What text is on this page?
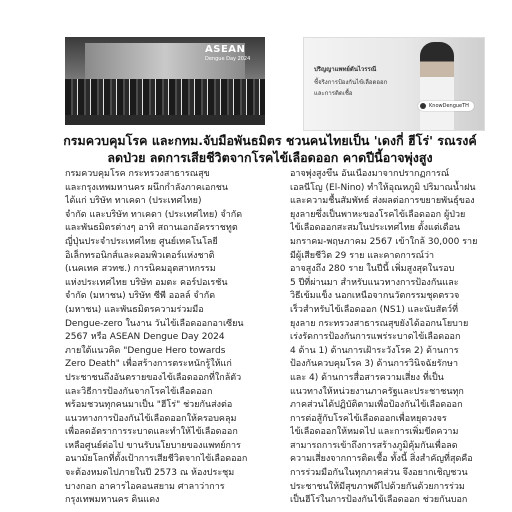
ASEAN
Dengue Day 2024
ปริญญาแพทย์ตันไวรรณี
ชี้จริงการป้องกันไข้เลือดออก
และการติดเชื้อ
KnowDengueTH
กรมควบคุมโรค และกทม.จับมือพันธมิตร ชวนคนไทยเป็น 'เดงกี่ ฮีโร่' รณรงค์ลดป่วย ลดการเสียชีวิตจากโรคไข้เลือดออก คาดปีนี้อาจพุ่งสูง

กรมควบคุมโรค กระทรวงสาธารณสุข
และกรุงเทพมหานคร ผนึกกำลังภาคเอกชน
ได้แก่ บริษัท ทาเคดา (ประเทศไทย)
จำกัด และบริษัท ทาเคดา (ประเทศไทย) จำกัด
และพันธมิตรต่างๆ อาทิ สถานเอกอัครราชทูต
ญี่ปุ่นประจำประเทศไทย ศูนย์เทคโนโลยี
อิเล็กทรอนิกส์และคอมพิวเตอร์แห่งชาติ
(เนคเทค สวทช.) การนิคมอุตสาหกรรม
แห่งประเทศไทย บริษัท อมตะ คอร์ปอเรชัน
จำกัด (มหาชน) บริษัท ซีพี ออลล์ จำกัด
(มหาชน) และพันธมิตรความร่วมมือ
Dengue-zero ในงาน วันไข้เลือดออกอาเซียน
2567 หรือ ASEAN Dengue Day 2024
ภายใต้แนวคิด "Dengue Hero towards
Zero Death" เพื่อสร้างการตระหนักรู้ให้แก่
ประชาชนถึงอันตรายของไข้เลือดออกที่ใกล้ตัว
และวิธีการป้องกันจากโรคไข้เลือดออก
พร้อมชวนทุกคนมาเป็น "ฮีโร่" ช่วยกันส่งต่อ
แนวทางการป้องกันไข้เลือดออกให้ครอบคลุม
เพื่อลดอัตราการระบาดและทำให้ไข้เลือดออก
เหลือศูนย์ต่อไป ขานรับนโยบายของแพทย์การ
อนามัยโลกที่ตั้งเป้าการเสียชีวิตจากไข้เลือดออก
จะต้องหมดไปภายในปี 2573 ณ ห้องประชุม
บางกอก อาคารไอคอนสยาม ศาลาว่าการ
กรุงเทพมหานคร ดินแดง

อาจพุ่งสูงขึ้น อันเนื่องมาจากปรากฏการณ์
เอลนีโญ (El-Nino) ทำให้อุณหภูมิ ปริมาณน้ำฝน
และความชื้นสัมพัทธ์ ส่งผลต่อการขยายพันธุ์ของ
ยุงลายซึ่งเป็นพาหะของโรคไข้เลือดออก ผู้ป่วย
ไข้เลือดออกสะสมในประเทศไทย ตั้งแต่เดือน
มกราคม-พฤษภาคม 2567 เข้าใกล้ 30,000 ราย
มีผู้เสียชีวิต 29 ราย และคาดการณ์ว่า
อาจสูงถึง 280 ราย ในปีนี้ เพิ่มสูงสุดในรอบ
5 ปีที่ผ่านมา สำหรับแนวทางการป้องกันและ
วิธีเข้มแข็ง นอกเหนือจากนวัตกรรมชุดตรวจ
เร็วสำหรับไข้เลือดออก (NS1) และนับสัตว์ที่
ยุงลาย กระทรวงสาธารณสุขยังได้ออกนโยบาย
เร่งรัดการป้องกันการแพร่ระบาดไข้เลือดออก
4 ด้าน 1) ด้านการเฝ้าระวังโรค 2) ด้านการ
ป้องกันควบคุมโรค 3) ด้านการวินิจฉัยรักษา
และ 4) ด้านการสื่อสารความเสี่ยง ที่เป็น
แนวทางให้หน่วยงานภาครัฐและประชาชนทุก
ภาคส่วนได้ปฏิบัติตามเพื่อป้องกันไข้เลือดออก
การต่อสู้กับโรคไข้เลือดออกเพื่อหยุดวงจร
ไข้เลือดออกให้หมดไป และการเพิ่มขีดความ
สามารถการเข้าถึงการสร้างภูมิคุ้มกันเพื่อลด
ความเสี่ยงจากการติดเชื้อ ทั้งนี้ สิ่งสำคัญที่สุดคือ
การร่วมมือกันในทุกภาคส่วน จึงอยากเชิญชวน
ประชาชนให้มีสุขภาพดีไปด้วยกันด้วยการร่วม
เป็นฮีโร่ในการป้องกันไข้เลือดออก ช่วยกันบอก
